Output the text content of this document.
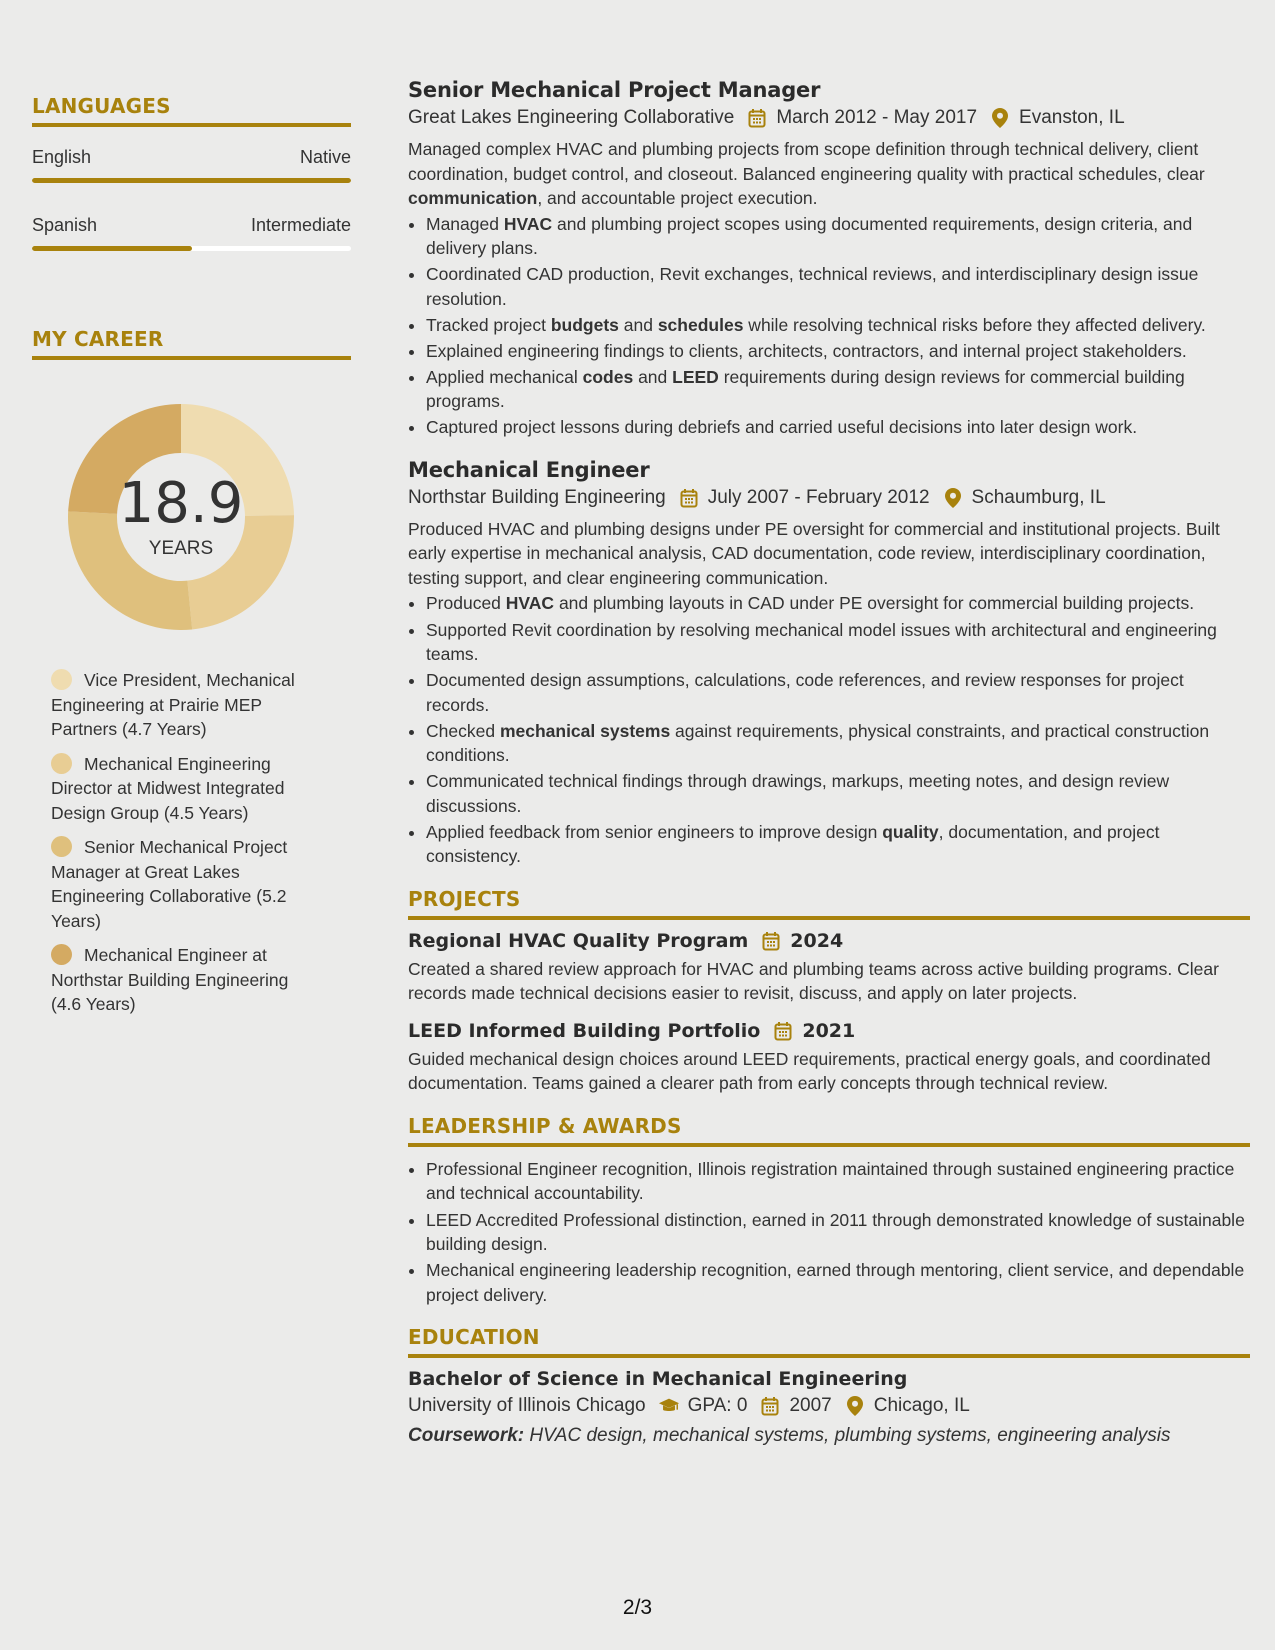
LANGUAGES
English	Native
Spanish	Intermediate
MY CAREER
18.9
YEARS
Vice President, Mechanical Engineering at Prairie MEP Partners (4.7 Years)
Mechanical Engineering Director at Midwest Integrated Design Group (4.5 Years)
Senior Mechanical Project Manager at Great Lakes Engineering Collaborative (5.2 Years)
Mechanical Engineer at Northstar Building Engineering (4.6 Years)
Senior Mechanical Project Manager
Great Lakes Engineering Collaborative March 2012 - May 2017 Evanston, IL

Managed complex HVAC and plumbing projects from scope definition through technical delivery, client coordination, budget control, and closeout. Balanced engineering quality with practical schedules, clear communication, and accountable project execution.

• Managed HVAC and plumbing project scopes using documented requirements, design criteria, and delivery plans.
• Coordinated CAD production, Revit exchanges, technical reviews, and interdisciplinary design issue resolution.
• Tracked project budgets and schedules while resolving technical risks before they affected delivery.
• Explained engineering findings to clients, architects, contractors, and internal project stakeholders.
• Applied mechanical codes and LEED requirements during design reviews for commercial building programs.
• Captured project lessons during debriefs and carried useful decisions into later design work.
Mechanical Engineer
Northstar Building Engineering July 2007 - February 2012 Schaumburg, IL

Produced HVAC and plumbing designs under PE oversight for commercial and institutional projects. Built early expertise in mechanical analysis, CAD documentation, code review, interdisciplinary coordination, testing support, and clear engineering communication.

• Produced HVAC and plumbing layouts in CAD under PE oversight for commercial building projects.
• Supported Revit coordination by resolving mechanical model issues with architectural and engineering teams.
• Documented design assumptions, calculations, code references, and review responses for project records.
• Checked mechanical systems against requirements, physical constraints, and practical construction conditions.
• Communicated technical findings through drawings, markups, meeting notes, and design review discussions.
• Applied feedback from senior engineers to improve design quality, documentation, and project consistency.
PROJECTS
Regional HVAC Quality Program 2024

Created a shared review approach for HVAC and plumbing teams across active building programs. Clear records made technical decisions easier to revisit, discuss, and apply on later projects.

LEED Informed Building Portfolio 2021

Guided mechanical design choices around LEED requirements, practical energy goals, and coordinated documentation. Teams gained a clearer path from early concepts through technical review.

LEADERSHIP & AWARDS
• Professional Engineer recognition, Illinois registration maintained through sustained engineering practice and technical accountability.
• LEED Accredited Professional distinction, earned in 2011 through demonstrated knowledge of sustainable building design.
• Mechanical engineering leadership recognition, earned through mentoring, client service, and dependable project delivery.
EDUCATION
Bachelor of Science in Mechanical Engineering
University of Illinois Chicago GPA: 0 2007 Chicago, IL
Coursework: HVAC design, mechanical systems, plumbing systems, engineering analysis
2/3
